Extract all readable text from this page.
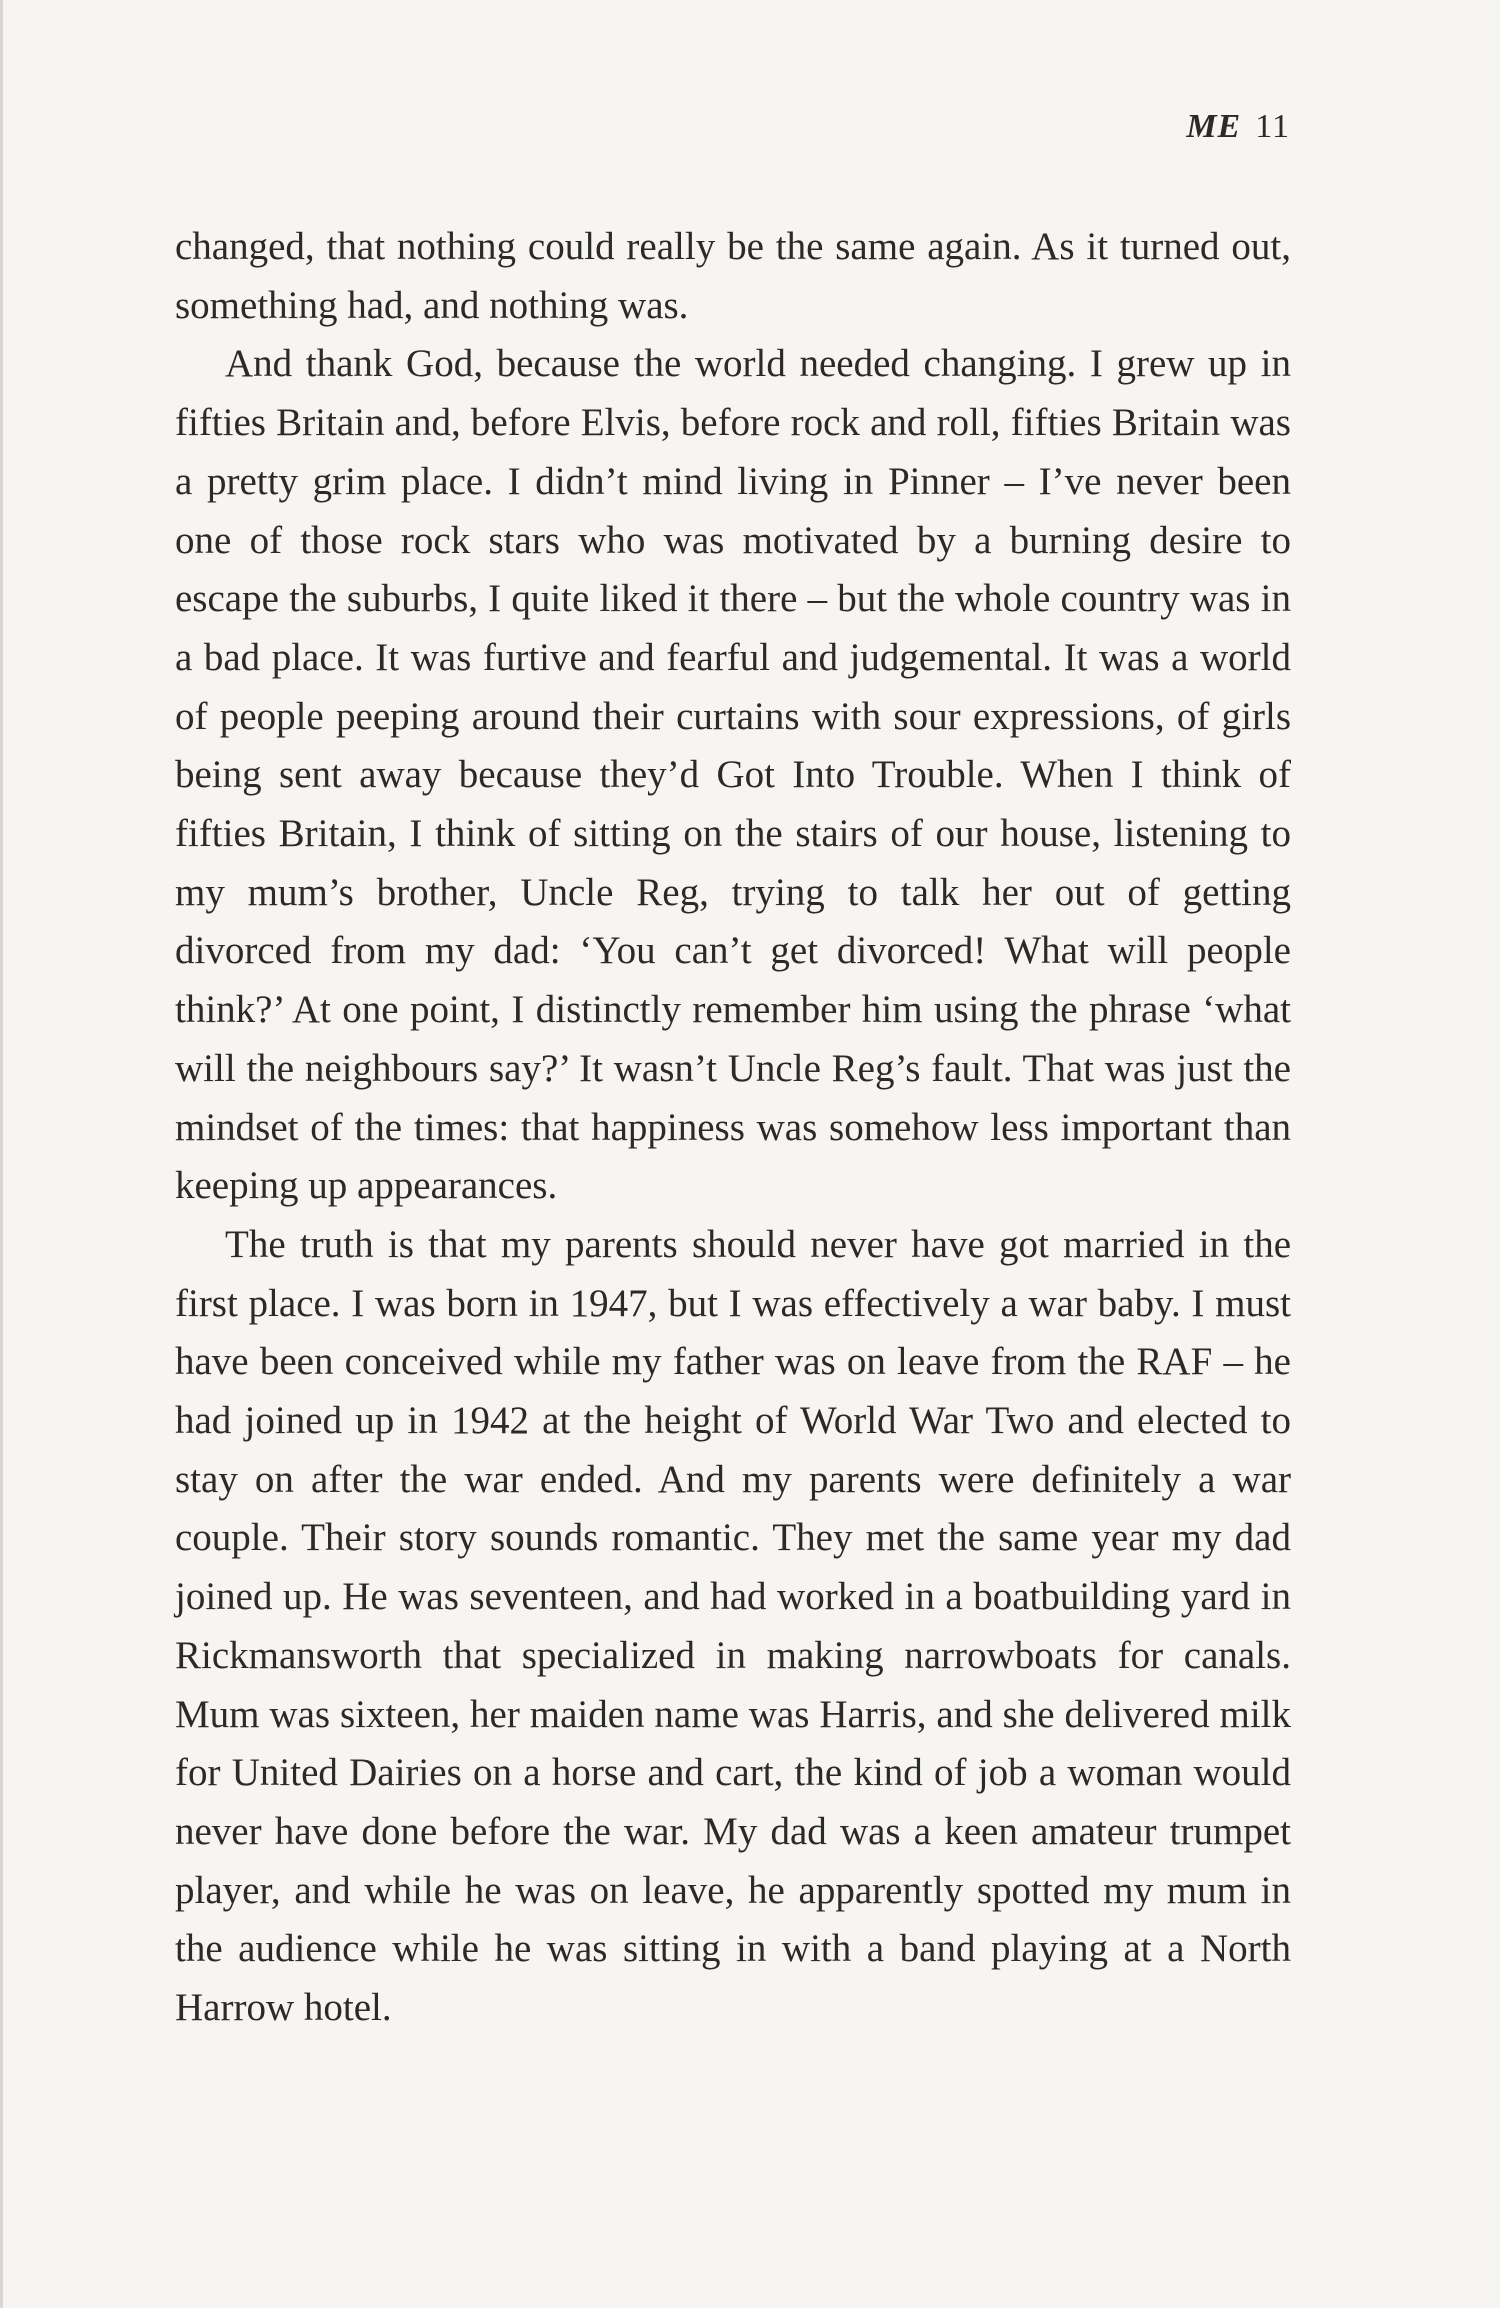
ME 11

changed, that nothing could really be the same again. As it turned out, something had, and nothing was.

And thank God, because the world needed changing. I grew up in fifties Britain and, before Elvis, before rock and roll, fifties Britain was a pretty grim place. I didn’t mind living in Pinner – I’ve never been one of those rock stars who was motivated by a burning desire to escape the suburbs, I quite liked it there – but the whole country was in a bad place. It was furtive and fearful and judgemental. It was a world of people peeping around their curtains with sour expressions, of girls being sent away because they’d Got Into Trouble. When I think of fifties Britain, I think of sitting on the stairs of our house, listening to my mum’s brother, Uncle Reg, trying to talk her out of getting divorced from my dad: ‘You can’t get divorced! What will people think?’ At one point, I distinctly remember him using the phrase ‘what will the neighbours say?’ It wasn’t Uncle Reg’s fault. That was just the mindset of the times: that happiness was somehow less important than keeping up appearances.

The truth is that my parents should never have got married in the first place. I was born in 1947, but I was effectively a war baby. I must have been conceived while my father was on leave from the RAF – he had joined up in 1942 at the height of World War Two and elected to stay on after the war ended. And my parents were definitely a war couple. Their story sounds romantic. They met the same year my dad joined up. He was seventeen, and had worked in a boatbuilding yard in Rickmansworth that specialized in making narrowboats for canals. Mum was sixteen, her maiden name was Harris, and she delivered milk for United Dairies on a horse and cart, the kind of job a woman would never have done before the war. My dad was a keen amateur trumpet player, and while he was on leave, he apparently spotted my mum in the audience while he was sitting in with a band playing at a North Harrow hotel.
